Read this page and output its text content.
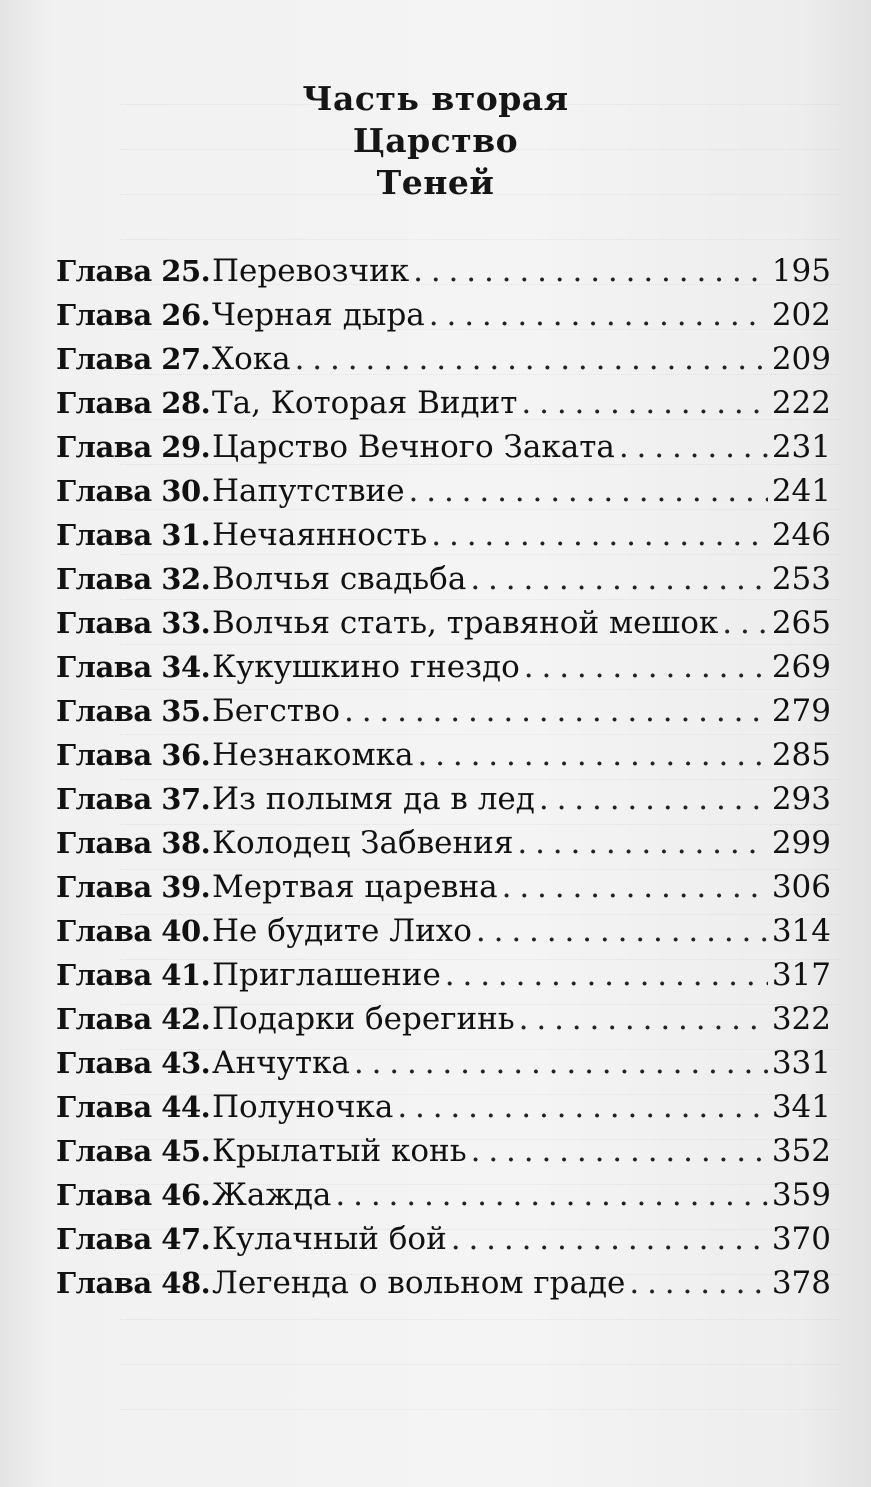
Часть вторая
Царство
Теней
Глава 25. Перевозчик . . .	195
Глава 26. Черная дыра . . .	202
Глава 27. Хока . . .	209
Глава 28. Та, Которая Видит . . .	222
Глава 29. Царство Вечного Заката . . .	231
Глава 30. Напутствие . . .	241
Глава 31. Нечаянность . . .	246
Глава 32. Волчья свадьба . . .	253
Глава 33. Волчья стать, травяной мешок . . . 265
Глава 34. Кукушкино гнездо . . .	269
Глава 35. Бегство . . .	279
Глава 36. Незнакомка . . .	285
Глава 37. Из полымя да в лед . . .	293
Глава 38. Колодец Забвения . . .	299
Глава 39. Мертвая царевна . . .	306
Глава 40. Не будите Лихо . . .	314
Глава 41. Приглашение . . .	317
Глава 42. Подарки берегинь . . .	322
Глава 43. Анчутка . . .	331
Глава 44. Полуночка . . .	341
Глава 45. Крылатый конь . . .	352
Глава 46. Жажда . . .	359
Глава 47. Кулачный бой . . .	370
Глава 48. Легенда о вольном граде . . .	378
